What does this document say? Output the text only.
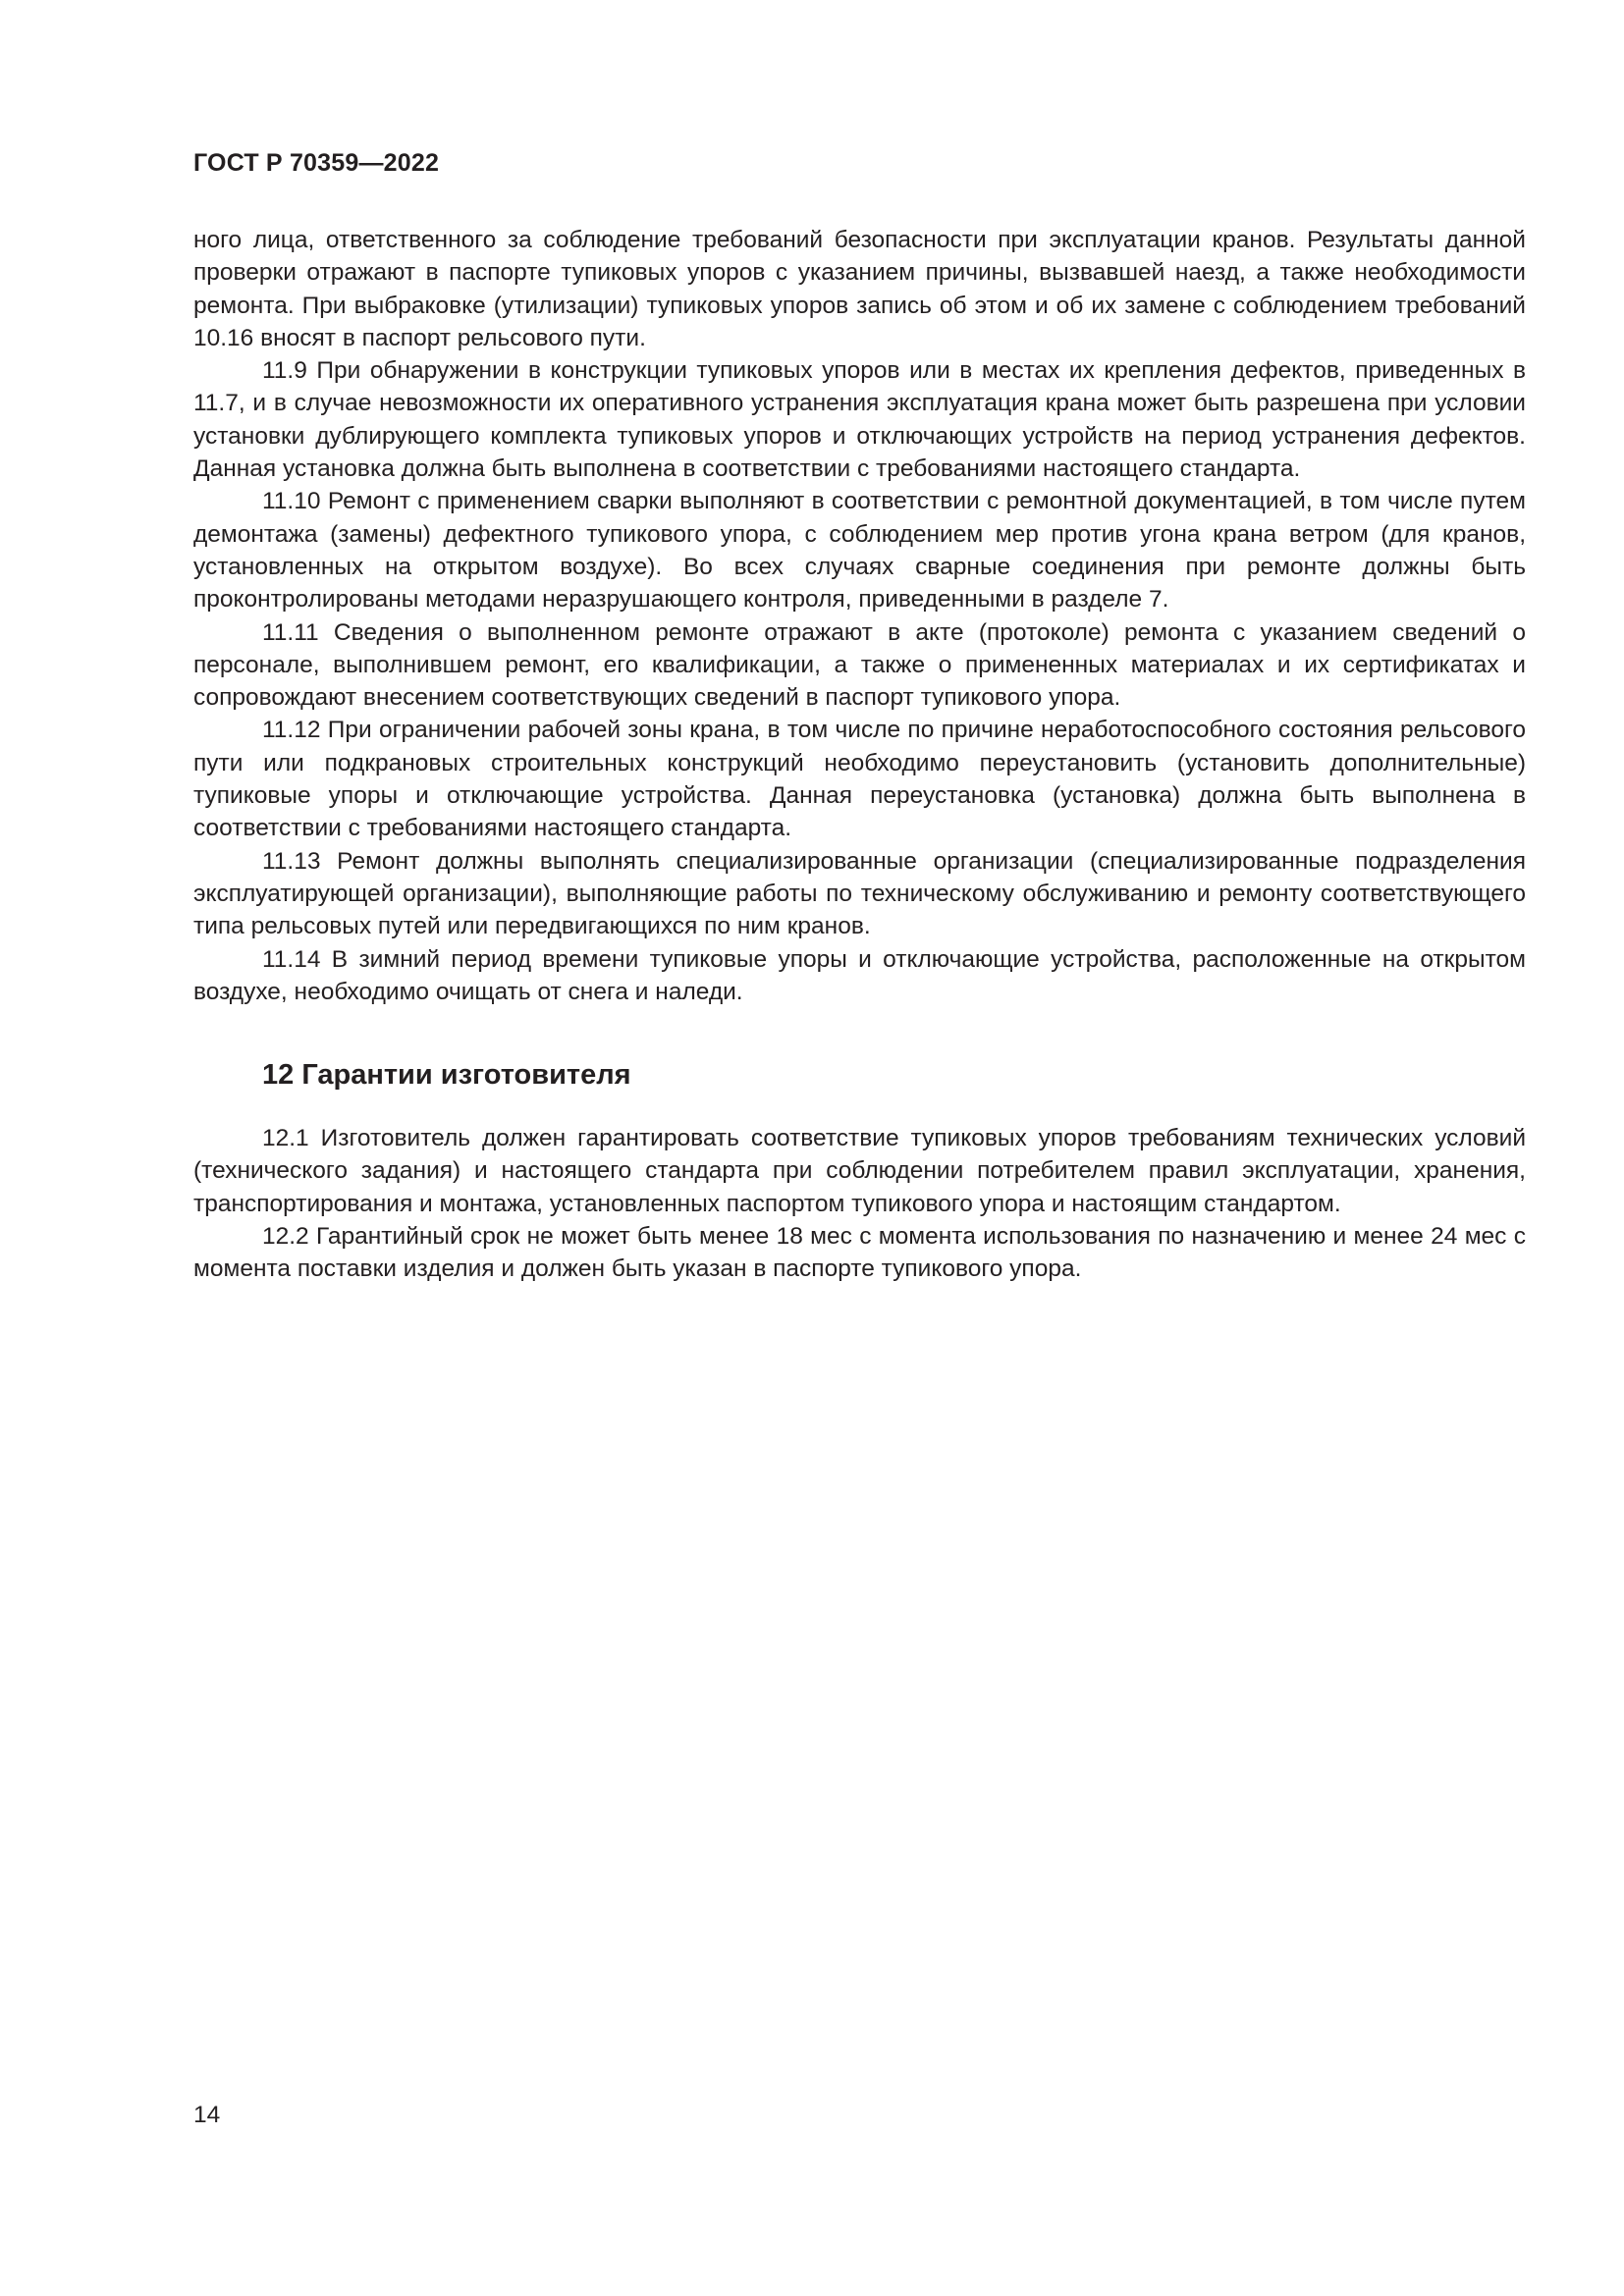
ГОСТ Р 70359—2022

ного лица, ответственного за соблюдение требований безопасности при эксплуатации кранов. Результаты данной проверки отражают в паспорте тупиковых упоров с указанием причины, вызвавшей наезд, а также необходимости ремонта. При выбраковке (утилизации) тупиковых упоров запись об этом и об их замене с соблюдением требований 10.16 вносят в паспорт рельсового пути.

11.9 При обнаружении в конструкции тупиковых упоров или в местах их крепления дефектов, приведенных в 11.7, и в случае невозможности их оперативного устранения эксплуатация крана может быть разрешена при условии установки дублирующего комплекта тупиковых упоров и отключающих устройств на период устранения дефектов. Данная установка должна быть выполнена в соответствии с требованиями настоящего стандарта.

11.10 Ремонт с применением сварки выполняют в соответствии с ремонтной документацией, в том числе путем демонтажа (замены) дефектного тупикового упора, с соблюдением мер против угона крана ветром (для кранов, установленных на открытом воздухе). Во всех случаях сварные соединения при ремонте должны быть проконтролированы методами неразрушающего контроля, приведенными в разделе 7.

11.11 Сведения о выполненном ремонте отражают в акте (протоколе) ремонта с указанием сведений о персонале, выполнившем ремонт, его квалификации, а также о примененных материалах и их сертификатах и сопровождают внесением соответствующих сведений в паспорт тупикового упора.

11.12 При ограничении рабочей зоны крана, в том числе по причине неработоспособного состояния рельсового пути или подкрановых строительных конструкций необходимо переустановить (установить дополнительные) тупиковые упоры и отключающие устройства. Данная переустановка (установка) должна быть выполнена в соответствии с требованиями настоящего стандарта.

11.13 Ремонт должны выполнять специализированные организации (специализированные подразделения эксплуатирующей организации), выполняющие работы по техническому обслуживанию и ремонту соответствующего типа рельсовых путей или передвигающихся по ним кранов.

11.14 В зимний период времени тупиковые упоры и отключающие устройства, расположенные на открытом воздухе, необходимо очищать от снега и наледи.

12 Гарантии изготовителя

12.1 Изготовитель должен гарантировать соответствие тупиковых упоров требованиям технических условий (технического задания) и настоящего стандарта при соблюдении потребителем правил эксплуатации, хранения, транспортирования и монтажа, установленных паспортом тупикового упора и настоящим стандартом.

12.2 Гарантийный срок не может быть менее 18 мес с момента использования по назначению и менее 24 мес с момента поставки изделия и должен быть указан в паспорте тупикового упора.

14
